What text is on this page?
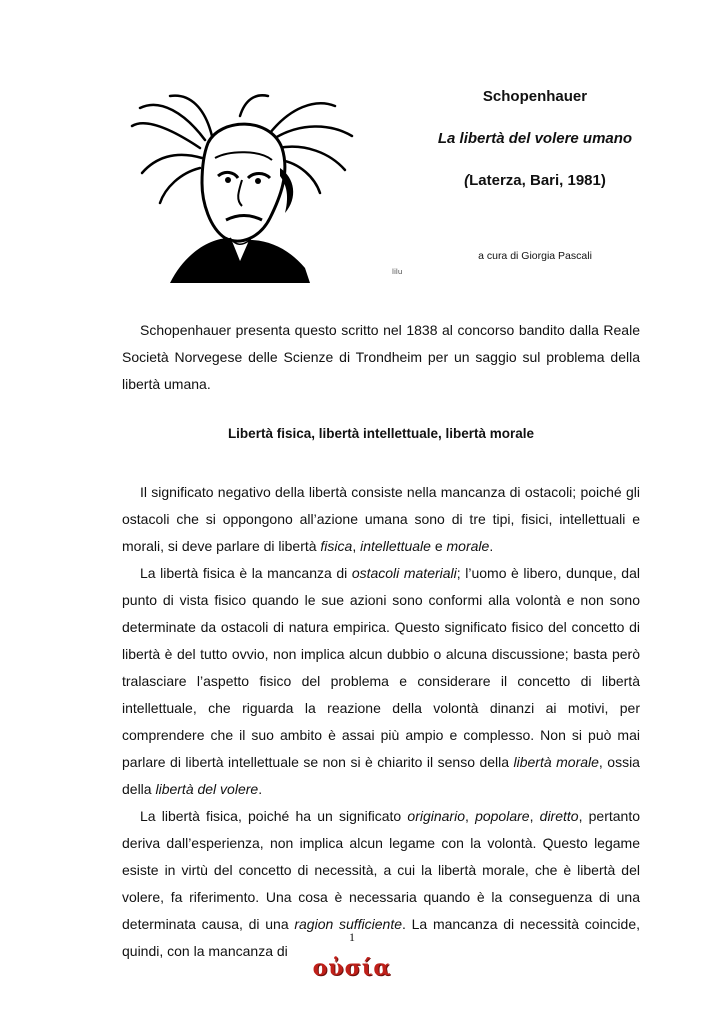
lilu
Schopenhauer
La libertà del volere umano
(Laterza, Bari, 1981)
a cura di Giorgia Pascali

Schopenhauer presenta questo scritto nel 1838 al concorso bandito dalla Reale Società Norvegese delle Scienze di Trondheim per un saggio sul problema della libertà umana.

Libertà fisica, libertà intellettuale, libertà morale

Il significato negativo della libertà consiste nella mancanza di ostacoli; poiché gli ostacoli che si oppongono all’azione umana sono di tre tipi, fisici, intellettuali e morali, si deve parlare di libertà fisica, intellettuale e morale.

La libertà fisica è la mancanza di ostacoli materiali; l’uomo è libero, dunque, dal punto di vista fisico quando le sue azioni sono conformi alla volontà e non sono determinate da ostacoli di natura empirica. Questo significato fisico del concetto di libertà è del tutto ovvio, non implica alcun dubbio o alcuna discussione; basta però tralasciare l’aspetto fisico del problema e considerare il concetto di libertà intellettuale, che riguarda la reazione della volontà dinanzi ai motivi, per comprendere che il suo ambito è assai più ampio e complesso. Non si può mai parlare di libertà intellettuale se non si è chiarito il senso della libertà morale, ossia della libertà del volere.

La libertà fisica, poiché ha un significato originario, popolare, diretto, pertanto deriva dall’esperienza, non implica alcun legame con la volontà. Questo legame esiste in virtù del concetto di necessità, a cui la libertà morale, che è libertà del volere, fa riferimento. Una cosa è necessaria quando è la conseguenza di una determinata causa, di una ragion sufficiente. La mancanza di necessità coincide, quindi, con la mancanza di

1
οὐσία
